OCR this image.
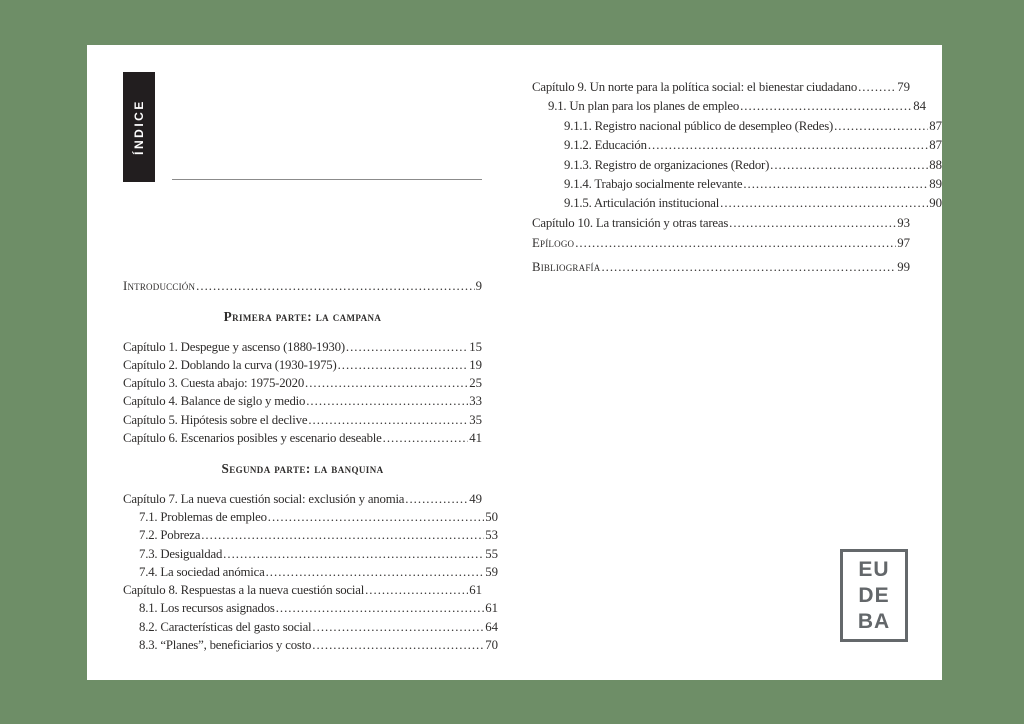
ÍNDICE
Introducción .....	9
Primera parte: la campana
Capítulo 1. Despegue y ascenso (1880-1930) .....	15
Capítulo 2. Doblando la curva (1930-1975) .....	19
Capítulo 3. Cuesta abajo: 1975-2020 .....	25
Capítulo 4. Balance de siglo y medio .....	33
Capítulo 5. Hipótesis sobre el declive .....	35
Capítulo 6. Escenarios posibles y escenario deseable .....	41
Segunda parte: la banquina
Capítulo 7. La nueva cuestión social: exclusión y anomia .....	49
7.1. Problemas de empleo .....	50
7.2. Pobreza .....	53
7.3. Desigualdad .....	55
7.4. La sociedad anómica .....	59
Capítulo 8. Respuestas a la nueva cuestión social .....	61
8.1. Los recursos asignados .....	61
8.2. Características del gasto social .....	64
8.3. “Planes”, beneficiarios y costo .....	70
Capítulo 9. Un norte para la política social: el bienestar ciudadano .....	79
9.1. Un plan para los planes de empleo .....	84
9.1.1. Registro nacional público de desempleo (Redes) .....	87
9.1.2. Educación .....	87
9.1.3. Registro de organizaciones (Redor) .....	88
9.1.4. Trabajo socialmente relevante .....	89
9.1.5. Articulación institucional .....	90
Capítulo 10. La transición y otras tareas .....	93
Epílogo .....	97
Bibliografía .....	99
EU
DE
BA
